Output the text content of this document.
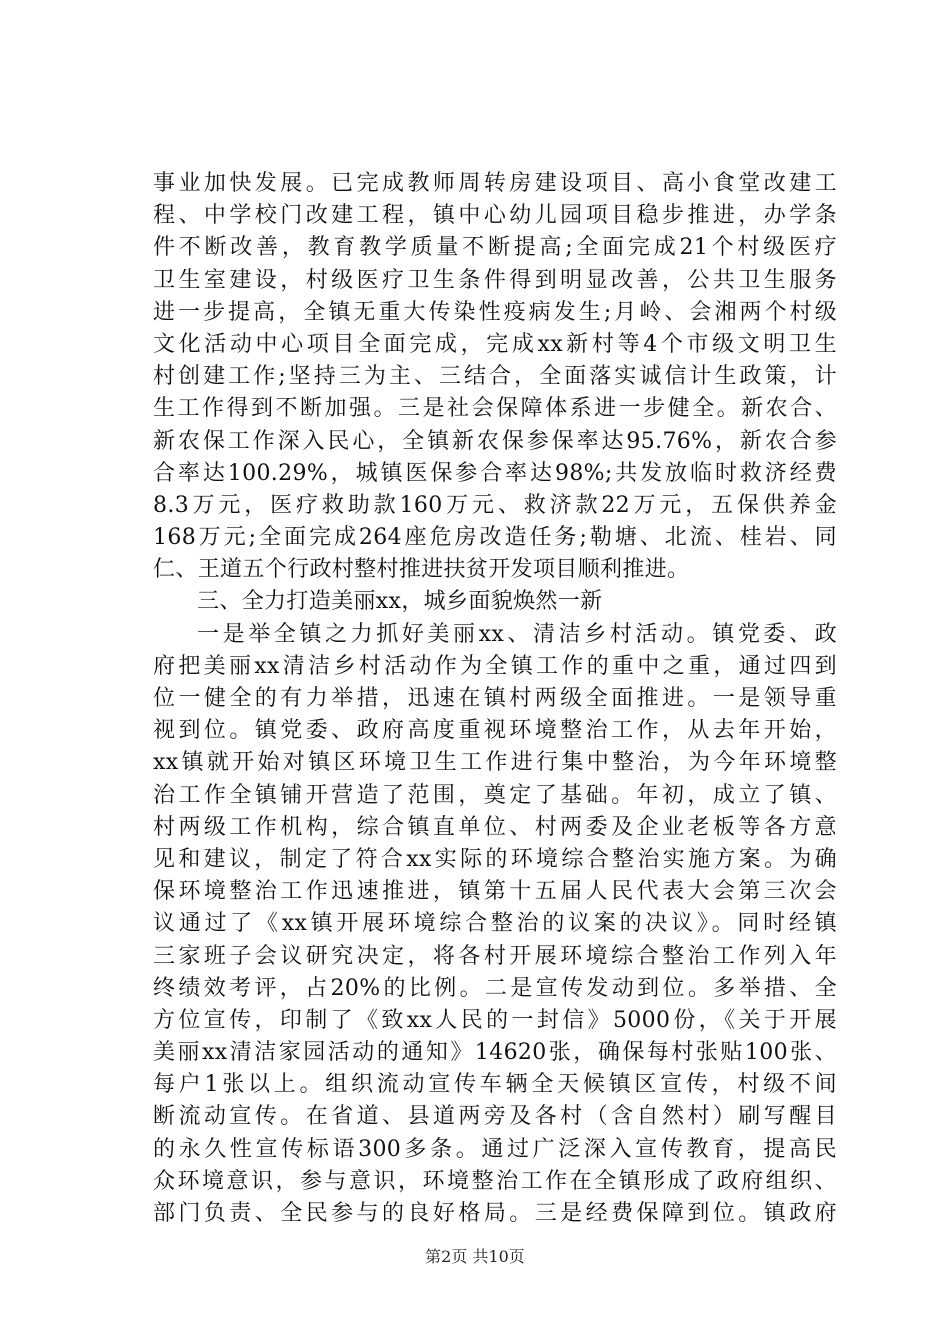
事业加快发展。已完成教师周转房建设项目、高小食堂改建工
程、中学校门改建工程，镇中心幼儿园项目稳步推进，办学条
件不断改善，教育教学质量不断提高;全面完成21个村级医疗
卫生室建设，村级医疗卫生条件得到明显改善，公共卫生服务
进一步提高，全镇无重大传染性疫病发生;月岭、会湘两个村级
文化活动中心项目全面完成，完成xx新村等4个市级文明卫生
村创建工作;坚持三为主、三结合，全面落实诚信计生政策，计
生工作得到不断加强。三是社会保障体系进一步健全。新农合、
新农保工作深入民心，全镇新农保参保率达95.76%，新农合参
合率达100.29%，城镇医保参合率达98%;共发放临时救济经费
8.3万元，医疗救助款160万元、救济款22万元，五保供养金
168万元;全面完成264座危房改造任务;勒塘、北流、桂岩、同
仁、王道五个行政村整村推进扶贫开发项目顺利推进。
三、全力打造美丽xx，城乡面貌焕然一新
一是举全镇之力抓好美丽xx、清洁乡村活动。镇党委、政
府把美丽xx清洁乡村活动作为全镇工作的重中之重，通过四到
位一健全的有力举措，迅速在镇村两级全面推进。一是领导重
视到位。镇党委、政府高度重视环境整治工作，从去年开始，
xx镇就开始对镇区环境卫生工作进行集中整治，为今年环境整
治工作全镇铺开营造了范围，奠定了基础。年初，成立了镇、
村两级工作机构，综合镇直单位、村两委及企业老板等各方意
见和建议，制定了符合xx实际的环境综合整治实施方案。为确
保环境整治工作迅速推进，镇第十五届人民代表大会第三次会
议通过了《xx镇开展环境综合整治的议案的决议》。同时经镇
三家班子会议研究决定，将各村开展环境综合整治工作列入年
终绩效考评，占20%的比例。二是宣传发动到位。多举措、全
方位宣传，印制了《致xx人民的一封信》5000份，《关于开展
美丽xx清洁家园活动的通知》14620张，确保每村张贴100张、
每户1张以上。组织流动宣传车辆全天候镇区宣传，村级不间
断流动宣传。在省道、县道两旁及各村（含自然村）刷写醒目
的永久性宣传标语300多条。通过广泛深入宣传教育，提高民
众环境意识，参与意识，环境整治工作在全镇形成了政府组织、
部门负责、全民参与的良好格局。三是经费保障到位。镇政府
第2页 共10页
